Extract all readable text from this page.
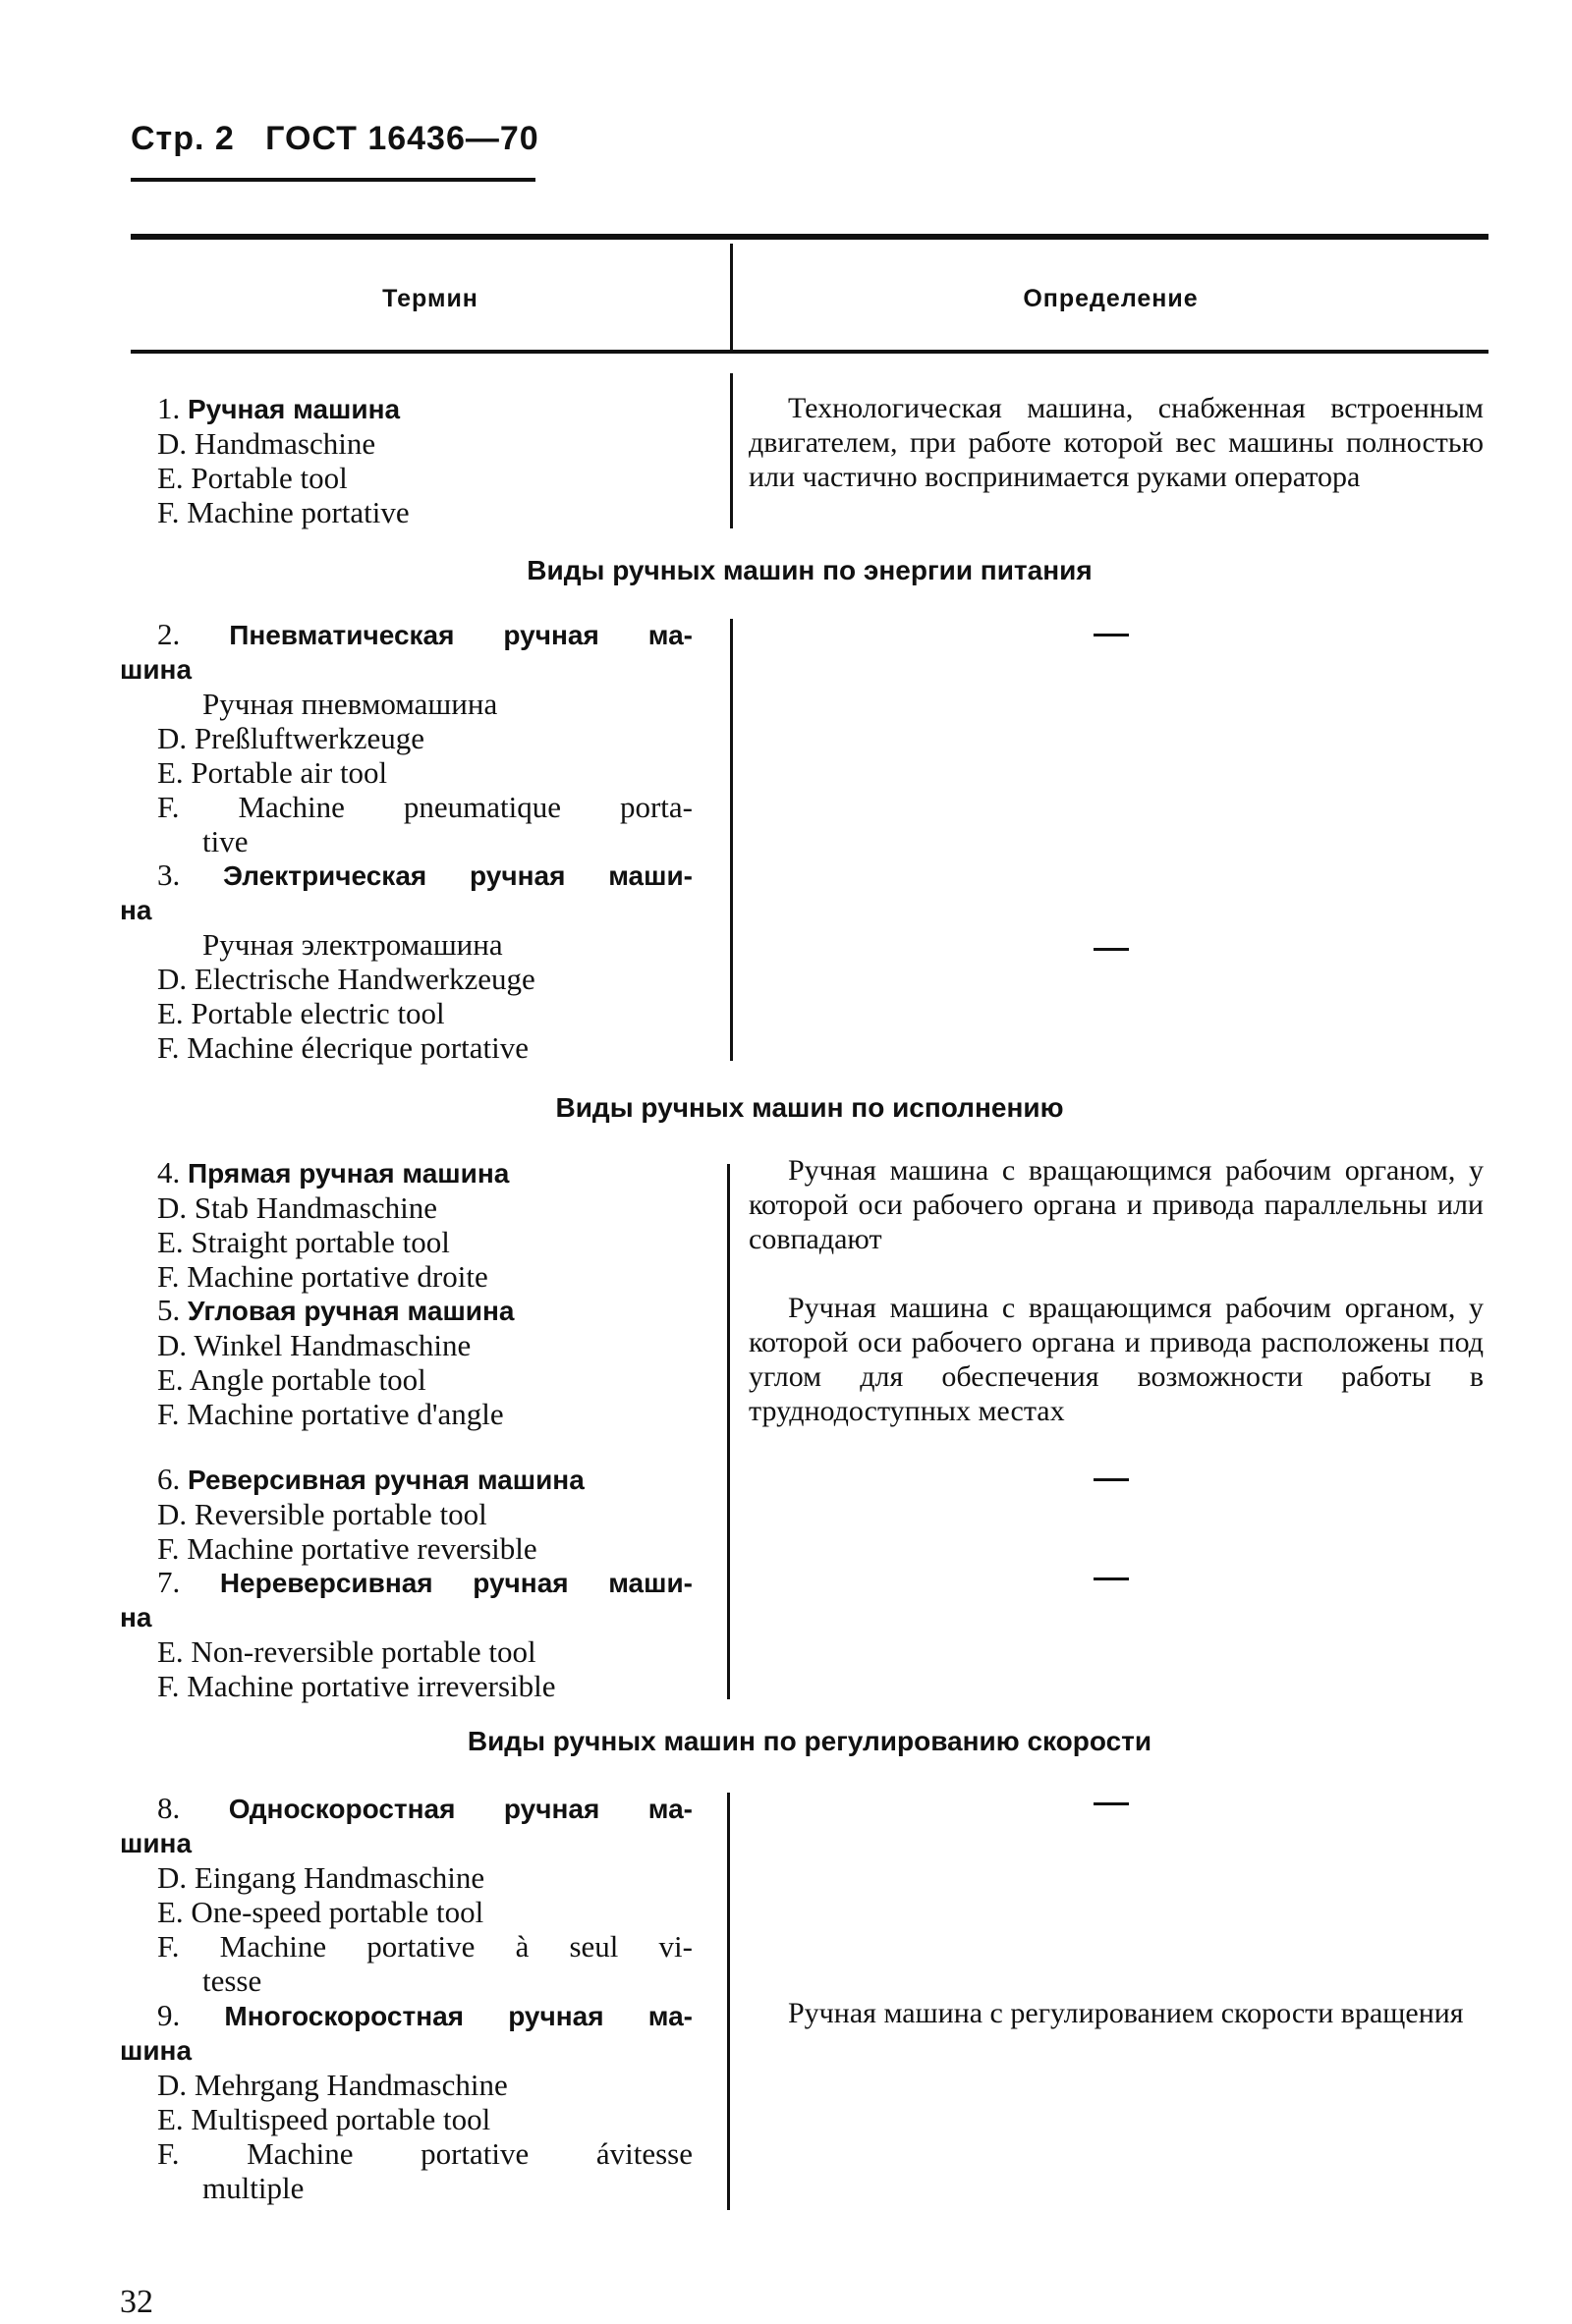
Стр. 2 ГОСТ 16436—70
Термин	Определение
1. Ручная машина
D. Handmaschine
E. Portable tool
F. Machine portative
Технологическая машина, снабженная встроенным двигателем, при работе которой вес машины полностью или частично воспринимается руками оператора
Виды ручных машин по энергии питания
2. Пневматическая ручная ма-
шина
Ручная пневмомашина
D. Preßluftwerkzeuge
E. Portable air tool
F. Machine pneumatique porta-
tive
3. Электрическая ручная маши-
на
Ручная электромашина
D. Electrische Handwerkzeuge
E. Portable electric tool
F. Machine élecrique portative
Виды ручных машин по исполнению
4. Прямая ручная машина
D. Stab Handmaschine
E. Straight portable tool
F. Machine portative droite
Ручная машина с вращающимся рабочим органом, у которой оси рабочего органа и привода параллельны или совпадают
5. Угловая ручная машина
D. Winkel Handmaschine
E. Angle portable tool
F. Machine portative d'angle
Ручная машина с вращающимся рабочим органом, у которой оси рабочего органа и привода расположены под углом для обеспечения возможности работы в труднодоступных местах
6. Реверсивная ручная машина
D. Reversible portable tool
F. Machine portative reversible
7. Нереверсивная ручная маши-
на
E. Non-reversible portable tool
F. Machine portative irreversible
Виды ручных машин по регулированию скорости
8. Односкоростная ручная ма-
шина
D. Eingang Handmaschine
E. One-speed portable tool
F. Machine portative à seul vi-
tesse
9. Многоскоростная ручная ма-
шина
D. Mehrgang Handmaschine
E. Multispeed portable tool
F. Machine portative ávitesse
multiple
Ручная машина с регулированием скорости вращения
32
